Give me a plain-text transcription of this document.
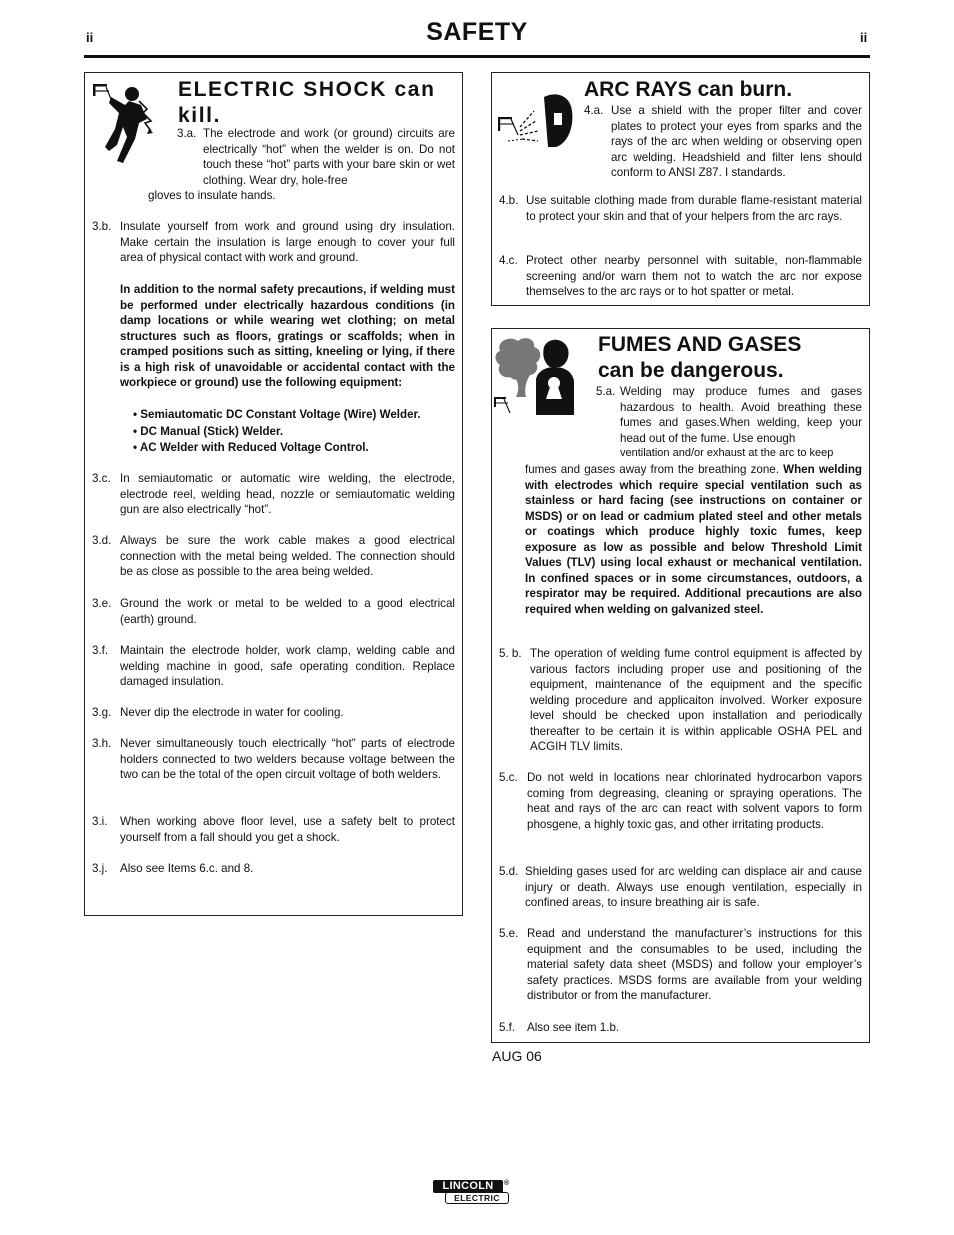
ii	SAFETY	ii
ELECTRIC SHOCK can
kill.
3.a. The electrode and work (or ground) circuits are electrically “hot” when the welder is on. Do not touch these “hot” parts with your bare skin or wet clothing. Wear dry, hole-free
gloves to insulate hands.
3.b. Insulate yourself from work and ground using dry insulation. Make certain the insulation is large enough to cover your full area of physical contact with work and ground.
In addition to the normal safety precautions, if welding must be performed under electrically hazardous conditions (in damp locations or while wearing wet clothing; on metal structures such as floors, gratings or scaffolds; when in cramped positions such as sitting, kneeling or lying, if there is a high risk of unavoidable or accidental contact with the workpiece or ground) use the following equipment:
• Semiautomatic DC Constant Voltage (Wire) Welder.
• DC Manual (Stick) Welder.
• AC Welder with Reduced Voltage Control.
3.c. In semiautomatic or automatic wire welding, the electrode, electrode reel, welding head, nozzle or semiautomatic welding gun are also electrically “hot”.
3.d. Always be sure the work cable makes a good electrical connection with the metal being welded. The connection should be as close as possible to the area being welded.
3.e. Ground the work or metal to be welded to a good electrical (earth) ground.
3.f.	Maintain the electrode holder, work clamp, welding cable and welding machine in good, safe operating condition. Replace damaged insulation.
3.g. Never dip the electrode in water for cooling.
3.h. Never simultaneously touch electrically “hot” parts of electrode holders connected to two welders because voltage between the two can be the total of the open circuit voltage of both welders.
3.i.	When working above floor level, use a safety belt to protect yourself from a fall should you get a shock.
3.j.	Also see Items 6.c. and 8.
ARC RAYS can burn.
4.a. Use a shield with the proper filter and cover plates to protect your eyes from sparks and the rays of the arc when welding or observing open arc welding. Headshield and filter lens should conform to ANSI Z87. I standards.
4.b. Use suitable clothing made from durable flame-resistant material to protect your skin and that of your helpers from the arc rays.
4.c. Protect other nearby personnel with suitable, non-flammable screening and/or warn them not to watch the arc nor expose themselves to the arc rays or to hot spatter or metal.
FUMES AND GASES
can be dangerous.
5.a. Welding may produce fumes and gases hazardous to health. Avoid breathing these fumes and gases.When welding, keep your head out of the fume. Use enough
ventilation and/or exhaust at the arc to keep
fumes and gases away from the breathing zone. When welding with electrodes which require special ventilation such as stainless or hard facing (see instructions on container or MSDS) or on lead or cadmium plated steel and other metals or coatings which produce highly toxic fumes, keep exposure as low as possible and below Threshold Limit Values (TLV) using local exhaust or mechanical ventilation. In confined spaces or in some circumstances, outdoors, a respirator may be required. Additional precautions are also required when welding on galvanized steel.
5. b. The operation of welding fume control equipment is affected by various factors including proper use and positioning of the equipment, maintenance of the equipment and the specific welding procedure and applicaiton involved. Worker exposure level should be checked upon installation and periodically thereafter to be certain it is within applicable OSHA PEL and ACGIH TLV limits.
5.c. Do not weld in locations near chlorinated hydrocarbon vapors coming from degreasing, cleaning or spraying operations. The heat and rays of the arc can react with solvent vapors to form phosgene, a highly toxic gas, and other irritating products.
5.d. Shielding gases used for arc welding can displace air and cause injury or death. Always use enough ventilation, especially in confined areas, to insure breathing air is safe.
5.e. Read and understand the manufacturer’s instructions for this equipment and the consumables to be used, including the material safety data sheet (MSDS) and follow your employer’s safety practices. MSDS forms are available from your welding distributor or from the manufacturer.
5.f.	Also see item 1.b.
AUG 06
LINCOLN	®
ELECTRIC
